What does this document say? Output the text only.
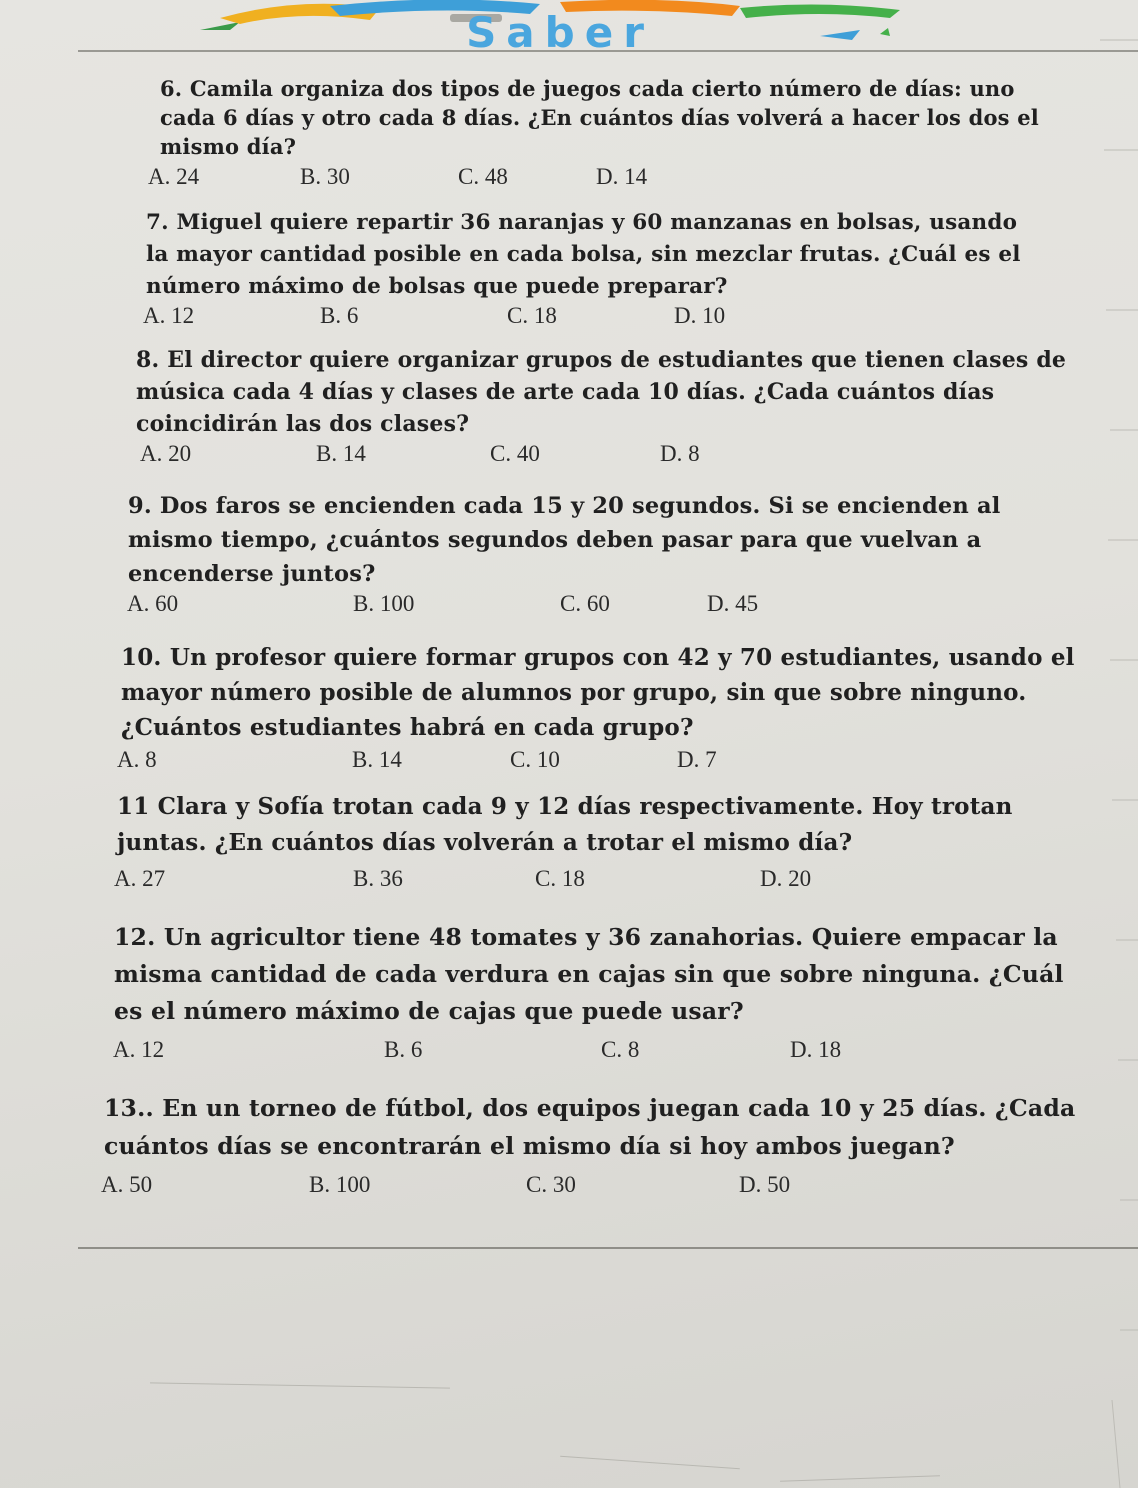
Saber
6. Camila organiza dos tipos de juegos cada cierto número de días: uno
cada 6 días y otro cada 8 días. ¿En cuántos días volverá a hacer los dos el
mismo día?
A. 24	B. 30	C. 48	D. 14
7. Miguel quiere repartir 36 naranjas y 60 manzanas en bolsas, usando
la mayor cantidad posible en cada bolsa, sin mezclar frutas. ¿Cuál es el
número máximo de bolsas que puede preparar?
A. 12	B. 6	C. 18	D. 10
8. El director quiere organizar grupos de estudiantes que tienen clases de
música cada 4 días y clases de arte cada 10 días. ¿Cada cuántos días
coincidirán las dos clases?
A. 20	B. 14	C. 40	D. 8
9. Dos faros se encienden cada 15 y 20 segundos. Si se encienden al
mismo tiempo, ¿cuántos segundos deben pasar para que vuelvan a
encenderse juntos?
A. 60	B. 100	C. 60	D. 45
10. Un profesor quiere formar grupos con 42 y 70 estudiantes, usando el
mayor número posible de alumnos por grupo, sin que sobre ninguno.
¿Cuántos estudiantes habrá en cada grupo?
A. 8	B. 14	C. 10	D. 7
11 Clara y Sofía trotan cada 9 y 12 días respectivamente. Hoy trotan
juntas. ¿En cuántos días volverán a trotar el mismo día?
A. 27	B. 36	C. 18	D. 20
12. Un agricultor tiene 48 tomates y 36 zanahorias. Quiere empacar la
misma cantidad de cada verdura en cajas sin que sobre ninguna. ¿Cuál
es el número máximo de cajas que puede usar?
A. 12	B. 6	C. 8	D. 18
13.. En un torneo de fútbol, dos equipos juegan cada 10 y 25 días. ¿Cada
cuántos días se encontrarán el mismo día si hoy ambos juegan?
A. 50	B. 100	C. 30	D. 50
